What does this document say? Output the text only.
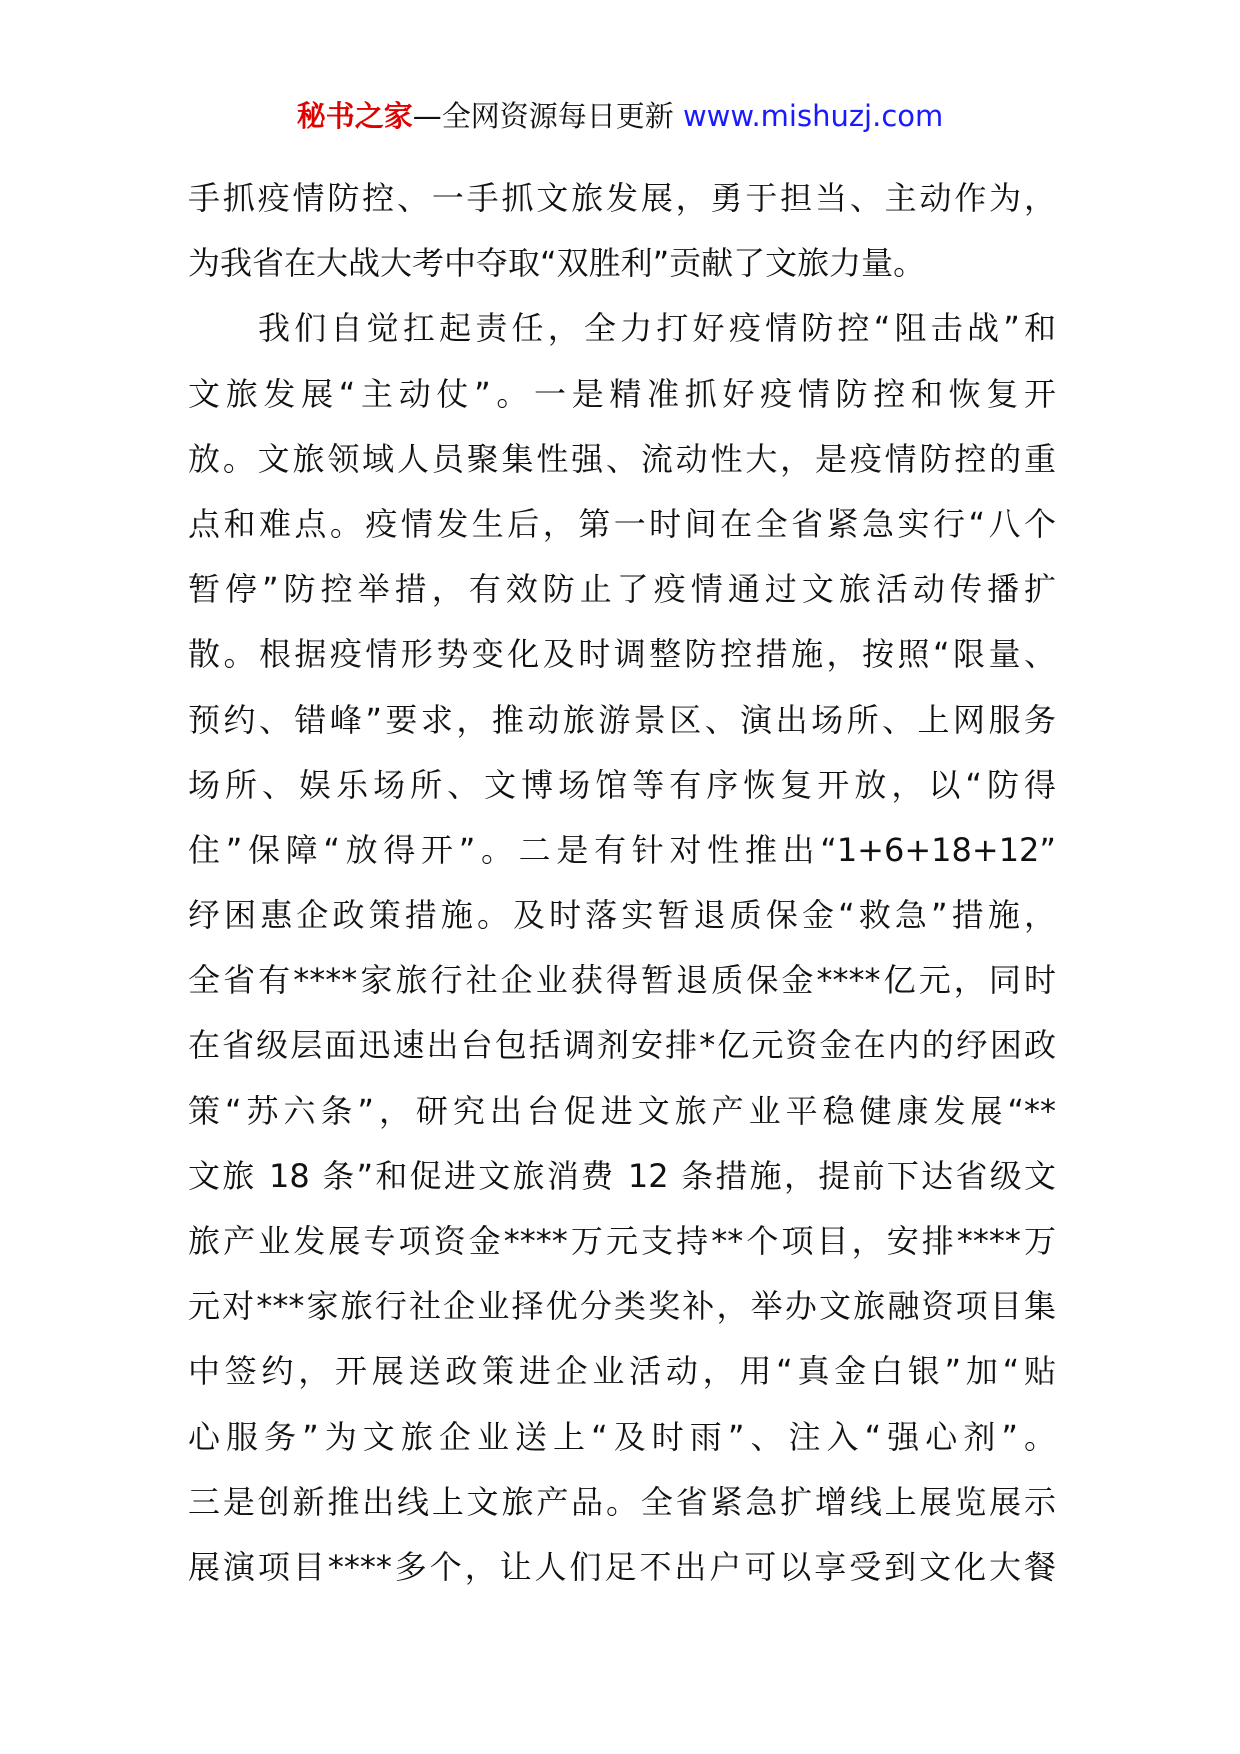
秘书之家—全网资源每日更新 www.mishuzj.com
手抓疫情防控、一手抓文旅发展，勇于担当、主动作为，
为我省在大战大考中夺取“双胜利”贡献了文旅力量。
我们自觉扛起责任，全力打好疫情防控“阻击战”和
文旅发展“主动仗”。一是精准抓好疫情防控和恢复开
放。文旅领域人员聚集性强、流动性大，是疫情防控的重
点和难点。疫情发生后，第一时间在全省紧急实行“八个
暂停”防控举措，有效防止了疫情通过文旅活动传播扩
散。根据疫情形势变化及时调整防控措施，按照“限量、
预约、错峰”要求，推动旅游景区、演出场所、上网服务
场所、娱乐场所、文博场馆等有序恢复开放，以“防得
住”保障“放得开”。二是有针对性推出“1+6+18+12”
纾困惠企政策措施。及时落实暂退质保金“救急”措施，
全省有****家旅行社企业获得暂退质保金****亿元，同时
在省级层面迅速出台包括调剂安排*亿元资金在内的纾困政
策“苏六条”，研究出台促进文旅产业平稳健康发展“**
文旅 18 条”和促进文旅消费 12 条措施，提前下达省级文
旅产业发展专项资金****万元支持**个项目，安排****万
元对***家旅行社企业择优分类奖补，举办文旅融资项目集
中签约，开展送政策进企业活动，用“真金白银”加“贴
心服务”为文旅企业送上“及时雨”、注入“强心剂”。
三是创新推出线上文旅产品。全省紧急扩增线上展览展示
展演项目****多个，让人们足不出户可以享受到文化大餐
